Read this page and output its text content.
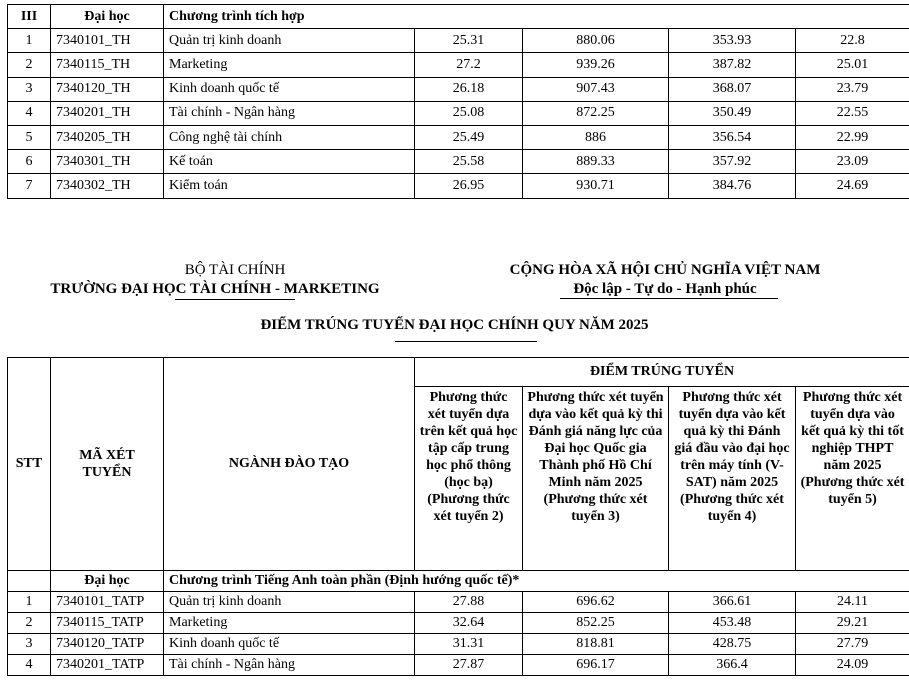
III	Đại học	Chương trình tích hợp				
1	7340101_TH	Quản trị kinh doanh	25.31	880.06	353.93	22.8
2	7340115_TH	Marketing	27.2	939.26	387.82	25.01
3	7340120_TH	Kinh doanh quốc tế	26.18	907.43	368.07	23.79
4	7340201_TH	Tài chính - Ngân hàng	25.08	872.25	350.49	22.55
5	7340205_TH	Công nghệ tài chính	25.49	886	356.54	22.99
6	7340301_TH	Kế toán	25.58	889.33	357.92	23.09
7	7340302_TH	Kiểm toán	26.95	930.71	384.76	24.69
BỘ TÀI CHÍNH
TRƯỜNG ĐẠI HỌC TÀI CHÍNH - MARKETING
CỘNG HÒA XÃ HỘI CHỦ NGHĨA VIỆT NAM
Độc lập - Tự do - Hạnh phúc
ĐIỂM TRÚNG TUYỂN ĐẠI HỌC CHÍNH QUY NĂM 2025
STT	MÃ XÉT TUYỂN	NGÀNH ĐÀO TẠO	ĐIỂM TRÚNG TUYỂN			
			Phương thức xét tuyển dựa trên kết quả học tập cấp trung học phổ thông (học bạ) (Phương thức xét tuyển 2)	Phương thức xét tuyển dựa vào kết quả kỳ thi Đánh giá năng lực của Đại học Quốc gia Thành phố Hồ Chí Minh năm 2025 (Phương thức xét tuyển 3)	Phương thức xét tuyển dựa vào kết quả kỳ thi Đánh giá đầu vào đại học trên máy tính (V-SAT) năm 2025 (Phương thức xét tuyển 4)	Phương thức xét tuyển dựa vào kết quả kỳ thi tốt nghiệp THPT năm 2025 (Phương thức xét tuyển 5)
	Đại học	Chương trình Tiếng Anh toàn phần (Định hướng quốc tế)*				
1	7340101_TATP	Quản trị kinh doanh	27.88	696.62	366.61	24.11
2	7340115_TATP	Marketing	32.64	852.25	453.48	29.21
3	7340120_TATP	Kinh doanh quốc tế	31.31	818.81	428.75	27.79
4	7340201_TATP	Tài chính - Ngân hàng	27.87	696.17	366.4	24.09
